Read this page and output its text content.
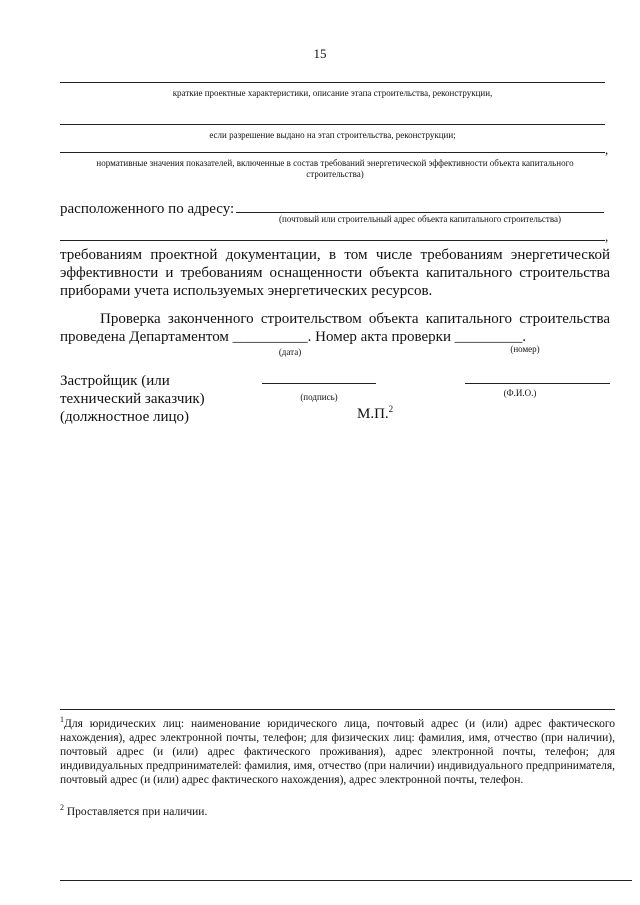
15
краткие проектные характеристики, описание этапа строительства, реконструкции,
если разрешение выдано на этап строительства, реконструкции;
,
нормативные значения показателей, включенные в состав требований энергетической эффективности объекта капитального строительства)
расположенного по адресу:
(почтовый или строительный адрес объекта капитального строительства)
,
требованиям проектной документации, в том числе требованиям энергетической эффективности и требованиям оснащенности объекта капитального строительства приборами учета используемых энергетических ресурсов.
Проверка законченного строительством объекта капитального строительства
проведена Департаментом __________. Номер акта проверки _________.
(дата)	(номер)
Застройщик (или
технический заказчик)
(должностное лицо)
(подпись)	(Ф.И.О.)
М.П.$^2$
$^1$Для юридических лиц: наименование юридического лица, почтовый адрес (и (или) адрес фактического нахождения), адрес электронной почты, телефон; для физических лиц: фамилия, имя, отчество (при наличии), почтовый адрес (и (или) адрес фактического проживания), адрес электронной почты, телефон; для индивидуальных предпринимателей: фамилия, имя, отчество (при наличии) индивидуального предпринимателя, почтовый адрес (и (или) адрес фактического нахождения), адрес электронной почты, телефон.
$^2$ Проставляется при наличии.
